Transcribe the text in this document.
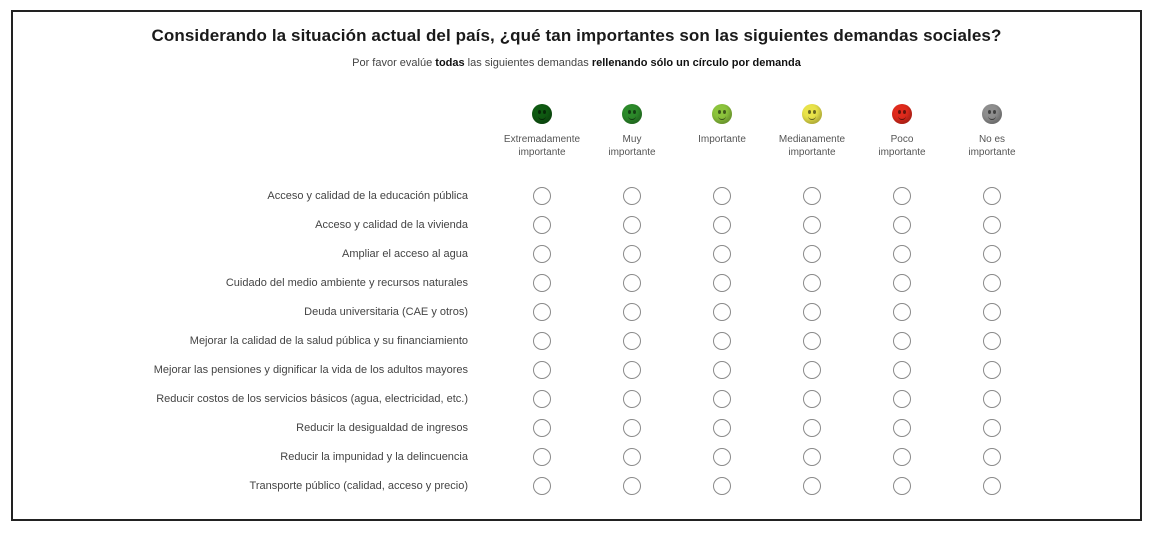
Considerando la situación actual del país, ¿qué tan importantes son las siguientes demandas sociales?
Por favor evalúe todas las siguientes demandas rellenando sólo un círculo por demanda
Extremadamente
importante
Muy
importante
Importante	Medianamente
importante
Poco
importante
No es
importante
Acceso y calidad de la educación pública
Acceso y calidad de la vivienda
Ampliar el acceso al agua
Cuidado del medio ambiente y recursos naturales
Deuda universitaria (CAE y otros)
Mejorar la calidad de la salud pública y su financiamiento
Mejorar las pensiones y dignificar la vida de los adultos mayores
Reducir costos de los servicios básicos (agua, electricidad, etc.)
Reducir la desigualdad de ingresos
Reducir la impunidad y la delincuencia
Transporte público (calidad, acceso y precio)
